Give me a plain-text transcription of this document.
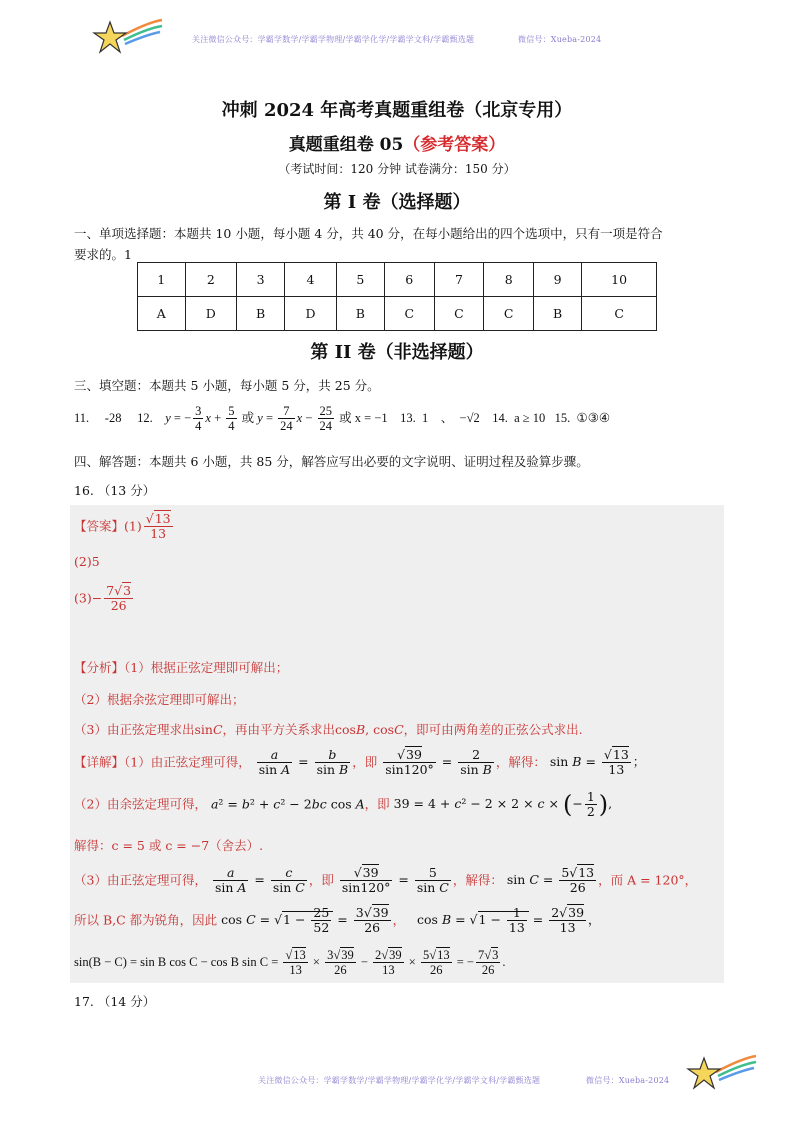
关注微信公众号：学霸学数学/学霸学物理/学霸学化学/学霸学文科/学霸甄选题	微信号：Xueba-2024
冲刺 2024 年高考真题重组卷（北京专用）
真题重组卷 05（参考答案）
（考试时间：120 分钟 试卷满分：150 分）
第 I 卷（选择题）
一、单项选择题：本题共 10 小题，每小题 4 分，共 40 分，在每小题给出的四个选项中，只有一项是符合
要求的。1
1	2	3	4	5	6	7	8	9	10
A	D	B	D	B	C	C	C	B	C
第 II 卷（非选择题）
三、填空题：本题共 5 小题，每小题 5 分，共 25 分。
11. -28 12. y = − $\frac{3}{4}$ $x + \frac{5}{4}$ 或 $y = \frac{7}{24}$ $x - \frac{25}{24}$ 或 x = −1 13. 1 、 −√2 14. a ≥ 10 15. ①③④
四、解答题：本题共 6 小题，共 85 分，解答应写出必要的文字说明、证明过程及验算步骤。
16. （13 分）
【答案】$(1) \frac{√13}{13}$
(2)5
$(3)- \frac{7√3}{26}$
【分析】（1）根据正弦定理即可解出；
（2）根据余弦定理即可解出；
（3）由正弦定理求出sinC，再由平方关系求出cosB, cosC，即可由两角差的正弦公式求出.
【详解】（1）由正弦定理可得， $\frac{a}{\text{sin A}} = \frac{b}{\text{sin B}}$ ，即 $\frac{√39}{\sin 120^\circ} = \frac{2}{\text{sin B}}$ ，解得： $\sin B = \frac{√13}{13}$ ；
（2）由余弦定理可得， a² = b² + c² − 2bc cos A，即 39 = 4 + c² − 2 × 2 × c × (− $\frac{1}{2}$ ),
解得：c = 5 或 c = −7（舍去）.
（3）由正弦定理可得， $\frac{a}{\text{sin A}} = \frac{c}{\text{sin C}}$ ，即 $\frac{√39}{\sin 120^\circ} = \frac{5}{\text{sin C}}$ ，解得： $\sin C = \frac{5√13}{26}$ ，而 A = 120°，
所以 B,C 都为锐角，因此 $\cos C = √1 - \frac{25}{52} = \frac{3√39}{26}$ ， $\cos B = √1 - \frac{1}{13} = \frac{2√39}{13}$ ，
sin(B − C) = sin B cos C − cos B $\sin C = \frac{√13}{13} \times \frac{3√39}{26} - \frac{2√39}{13} \times \frac{5√13}{26}$ = − $\frac{7√3}{26}$ .
17. （14 分）
关注微信公众号：学霸学数学/学霸学物理/学霸学化学/学霸学文科/学霸甄选题	微信号：Xueba-2024
